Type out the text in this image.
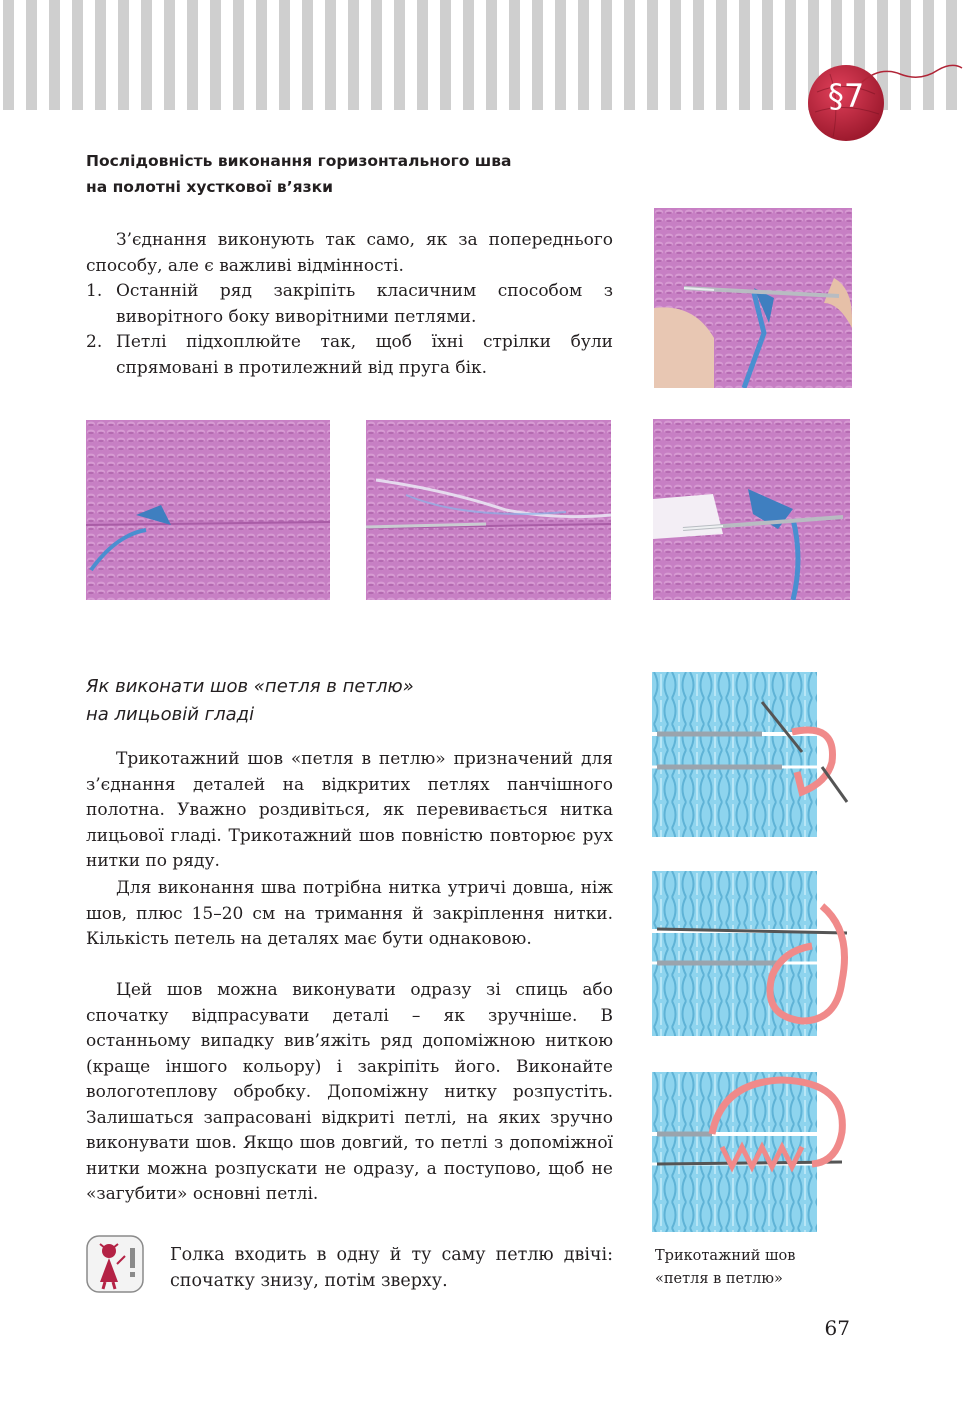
§7
Послідовність виконання горизонтального шва
на полотні хусткової в’язки
З’єднання виконують так само, як за попереднього способу, але є важливі відмінності.
1. Останній ряд закріпіть класичним способом з виворітного боку виворітними петлями.
2. Петлі підхоплюйте так, щоб їхні стрілки були спрямовані в протилежний від пруга бік.
Як виконати шов «петля в петлю»
на лицьовій гладі
Трикотажний шов «петля в петлю» призначений для з’єднання деталей на відкритих петлях панчішного полотна. Уважно роздивіться, як перевивається нитка лицьової гладі. Трикотажний шов повністю повторює рух нитки по ряду.
Для виконання шва потрібна нитка утричі довша, ніж шов, плюс 15–20 см на тримання й закріплення нитки. Кількість петель на деталях має бути однаковою.
Цей шов можна виконувати одразу зі спиць або спочатку відпрасувати деталі – як зручніше. В останньому випадку вив’яжіть ряд допоміжною ниткою (краще іншого кольору) і закріпіть його. Виконайте вологотеплову обробку. Допоміжну нитку розпустіть. Залишаться запрасовані відкриті петлі, на яких зручно виконувати шов. Якщо шов довгий, то петлі з допоміжної нитки можна розпускати не одразу, а поступово, щоб не «загубити» основні петлі.
Голка входить в одну й ту саму петлю двічі: спочатку знизу, потім зверху.
Трикотажний шов
«петля в петлю»
67
